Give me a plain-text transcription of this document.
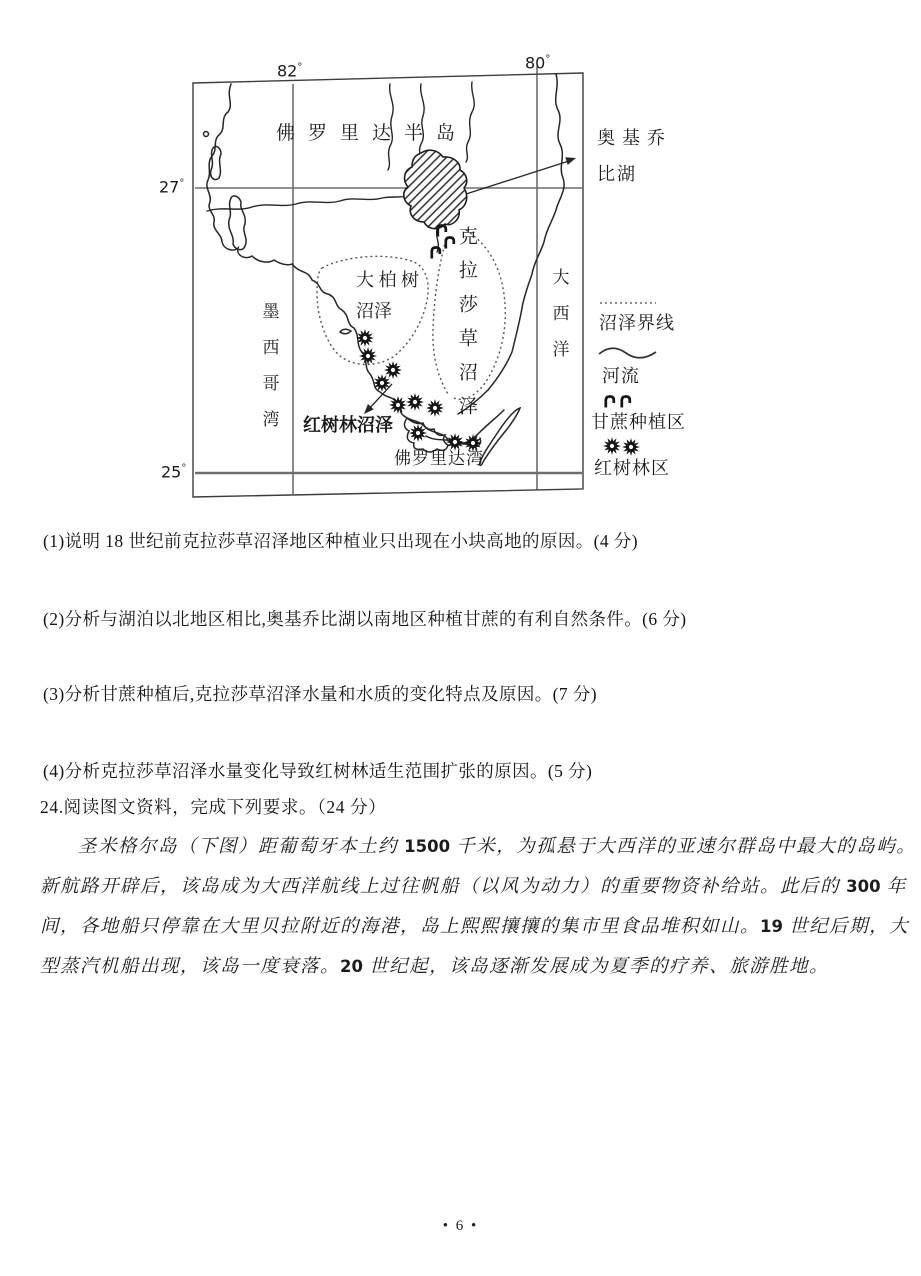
82°	80°
27°
25°
佛罗里达半岛	奥基乔
比湖
大 柏 树
沼泽	克拉莎草沼泽
墨西哥湾	大西洋
红树林沼泽
佛罗里达湾
沼泽界线
河流
甘蔗种植区
红树林区
(1)说明 18 世纪前克拉莎草沼泽地区种植业只出现在小块高地的原因。(4 分)
(2)分析与湖泊以北地区相比,奥基乔比湖以南地区种植甘蔗的有利自然条件。(6 分)
(3)分析甘蔗种植后,克拉莎草沼泽水量和水质的变化特点及原因。(7 分)
(4)分析克拉莎草沼泽水量变化导致红树林适生范围扩张的原因。(5 分)
24.阅读图文资料，完成下列要求。（24 分）
圣米格尔岛（下图）距葡萄牙本土约 1500 千米，为孤悬于大西洋的亚速尔群岛中最大的岛屿。
新航路开辟后，该岛成为大西洋航线上过往帆船（以风为动力）的重要物资补给站。此后的 300 年
间，各地船只停靠在大里贝拉附近的海港，岛上熙熙攘攘的集市里食品堆积如山。19 世纪后期，大
型蒸汽机船出现，该岛一度衰落。20 世纪起，该岛逐渐发展成为夏季的疗养、旅游胜地。
• 6 •
